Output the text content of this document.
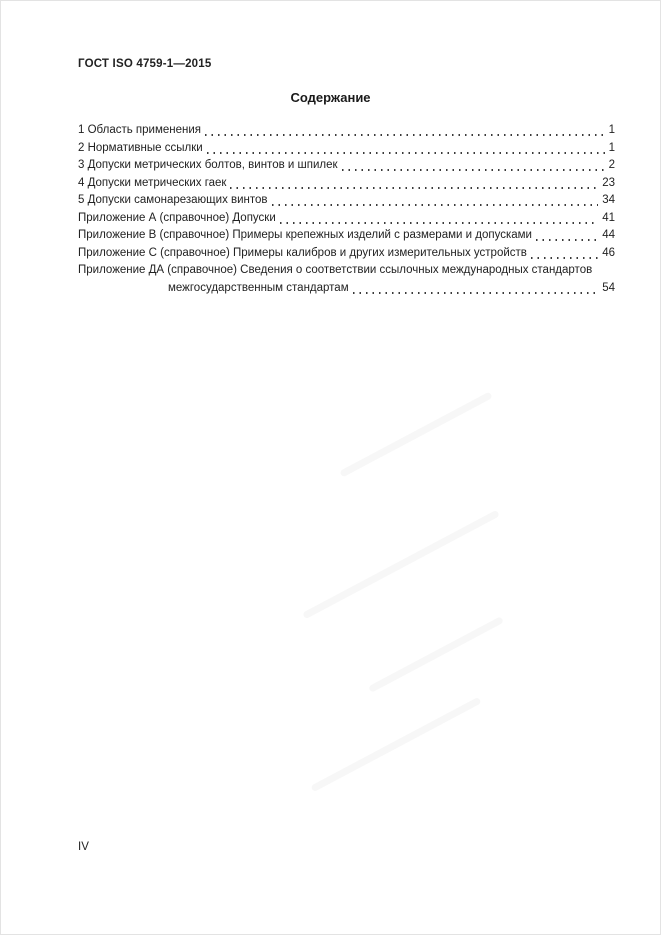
ГОСТ ISO 4759-1—2015
Содержание
1 Область применения	1
2 Нормативные ссылки	1
3 Допуски метрических болтов, винтов и шпилек	2
4 Допуски метрических гаек	23
5 Допуски самонарезающих винтов	34
Приложение А (справочное) Допуски	41
Приложение В (справочное) Примеры крепежных изделий с размерами и допусками	44
Приложение С (справочное) Примеры калибров и других измерительных устройств	46
Приложение ДА (справочное) Сведения о соответствии ссылочных международных стандартов
межгосударственным стандартам	54
IV
